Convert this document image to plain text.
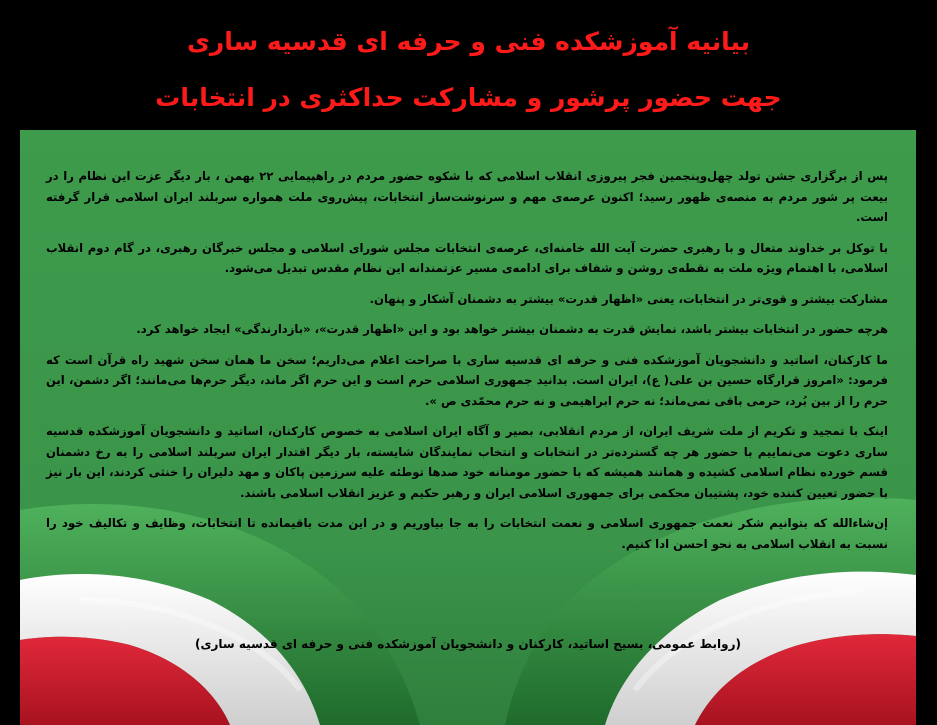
بیانیه آموزشکده فنی و حرفه ای قدسیه ساری
جهت حضور پرشور و مشارکت حداکثری در انتخابات

پس از برگزاری جشن تولد چهل‌وپنجمین فجر پیروزی انقلاب اسلامی که با شکوه حضور مردم در راهپیمایی ۲۲ بهمن ، بار دیگر عزت این نظام را در بیعت پر شور مردم به منصه‌ی ظهور رسید؛ اکنون عرصه‌ی مهم و سرنوشت‌ساز انتخابات، پیش‌روی ملت همواره سربلند ایران اسلامی قرار گرفته است.

با توکل بر خداوند متعال و با رهبری حضرت آیت الله خامنه‌ای، عرصه‌ی انتخابات مجلس شورای اسلامی و مجلس خبرگان رهبری، در گام دوم انقلاب اسلامی، با اهتمام ویژه ملت به نقطه‌ی روشن و شفاف برای ادامه‌ی مسیر عزتمندانه این نظام مقدس تبدیل می‌شود.

مشارکت بیشتر و قوی‌تر در انتخابات، یعنی «اظهار قدرت» بیشتر به دشمنان آشکار و پنهان.

هرچه حضور در انتخابات بیشتر باشد، نمایش قدرت به دشمنان بیشتر خواهد بود و این «اظهار قدرت»، «بازدارندگی» ایجاد خواهد کرد.

ما کارکنان، اساتید و دانشجویان آموزشکده فنی و حرفه ای قدسیه ساری با صراحت اعلام می‌داریم؛ سخن ما همان سخن شهید راه قرآن است که فرمود: «امروز قرارگاه حسین بن علی( ع)، ایران است. بدانید جمهوری اسلامی حرم است و این حرم اگر ماند، دیگر حرم‌ها می‌مانند؛ اگر دشمن، این حرم را از بین بُرد، حرمی باقی نمی‌ماند؛ نه حرم ابراهیمی و نه حرم محمّدی ص ».

اینک با تمجید و تکریم از ملت شریف ایران، از مردم انقلابی، بصیر و آگاه ایران اسلامی به خصوص کارکنان، اساتید و دانشجویان آموزشکده قدسیه ساری دعوت می‌نماییم با حضور هر چه گسترده‌تر در انتخابات و انتخاب نمایندگان شایسته، بار دیگر اقتدار ایران سربلند اسلامی را به رخ دشمنان قسم خورده نظام اسلامی کشیده و همانند همیشه که با حضور مومنانه خود صدها توطئه علیه سرزمین پاکان و مهد دلیران را خنثی کردند، این بار نیز با حضور تعیین کننده خود، پشتیبان محکمی برای جمهوری اسلامی ایران و رهبر حکیم و عزیز انقلاب اسلامی باشند.

إن‌شاءالله که بتوانیم شکر نعمت جمهوری اسلامی و نعمت انتخابات را به جا بیاوریم و در این مدت باقیمانده تا انتخابات، وظایف و تکالیف خود را نسبت به انقلاب اسلامی به نحو احسن ادا کنیم.

(روابط عمومی، بسیج اساتید، کارکنان و دانشجویان آموزشکده فنی و حرفه ای قدسیه ساری)
